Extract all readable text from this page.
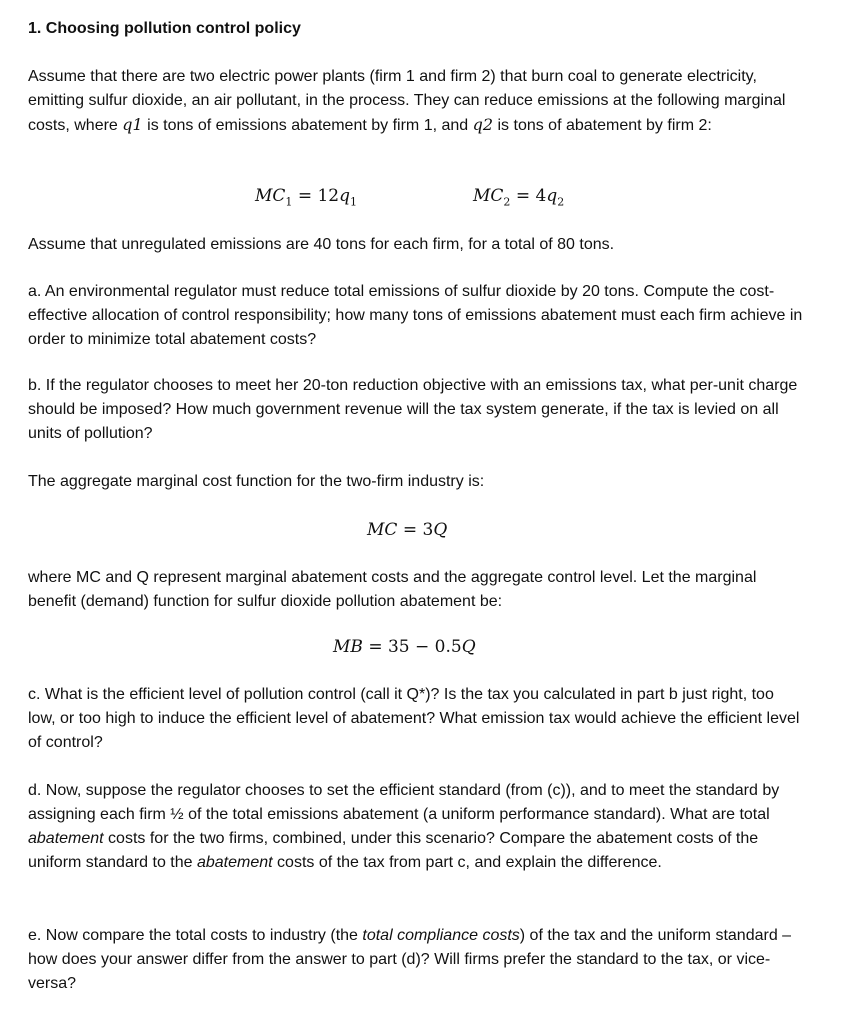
1. Choosing pollution control policy

Assume that there are two electric power plants (firm 1 and firm 2) that burn coal to generate electricity, emitting sulfur dioxide, an air pollutant, in the process. They can reduce emissions at the following marginal costs, where q1 is tons of emissions abatement by firm 1, and q2 is tons of abatement by firm 2:

$MC_1 = 12q_1$	$MC_2 = 4q_2$

Assume that unregulated emissions are 40 tons for each firm, for a total of 80 tons.

a. An environmental regulator must reduce total emissions of sulfur dioxide by 20 tons. Compute the cost-effective allocation of control responsibility; how many tons of emissions abatement must each firm achieve in order to minimize total abatement costs?

b. If the regulator chooses to meet her 20-ton reduction objective with an emissions tax, what per-unit charge should be imposed? How much government revenue will the tax system generate, if the tax is levied on all units of pollution?

The aggregate marginal cost function for the two-firm industry is:

MC = 3Q

where MC and Q represent marginal abatement costs and the aggregate control level. Let the marginal benefit (demand) function for sulfur dioxide pollution abatement be:

MB = 35 − 0.5Q

c. What is the efficient level of pollution control (call it Q*)? Is the tax you calculated in part b just right, too low, or too high to induce the efficient level of abatement? What emission tax would achieve the efficient level of control?

d. Now, suppose the regulator chooses to set the efficient standard (from (c)), and to meet the standard by assigning each firm ½ of the total emissions abatement (a uniform performance standard). What are total abatement costs for the two firms, combined, under this scenario? Compare the abatement costs of the uniform standard to the abatement costs of the tax from part c, and explain the difference.

e. Now compare the total costs to industry (the total compliance costs) of the tax and the uniform standard – how does your answer differ from the answer to part (d)? Will firms prefer the standard to the tax, or vice-versa?
